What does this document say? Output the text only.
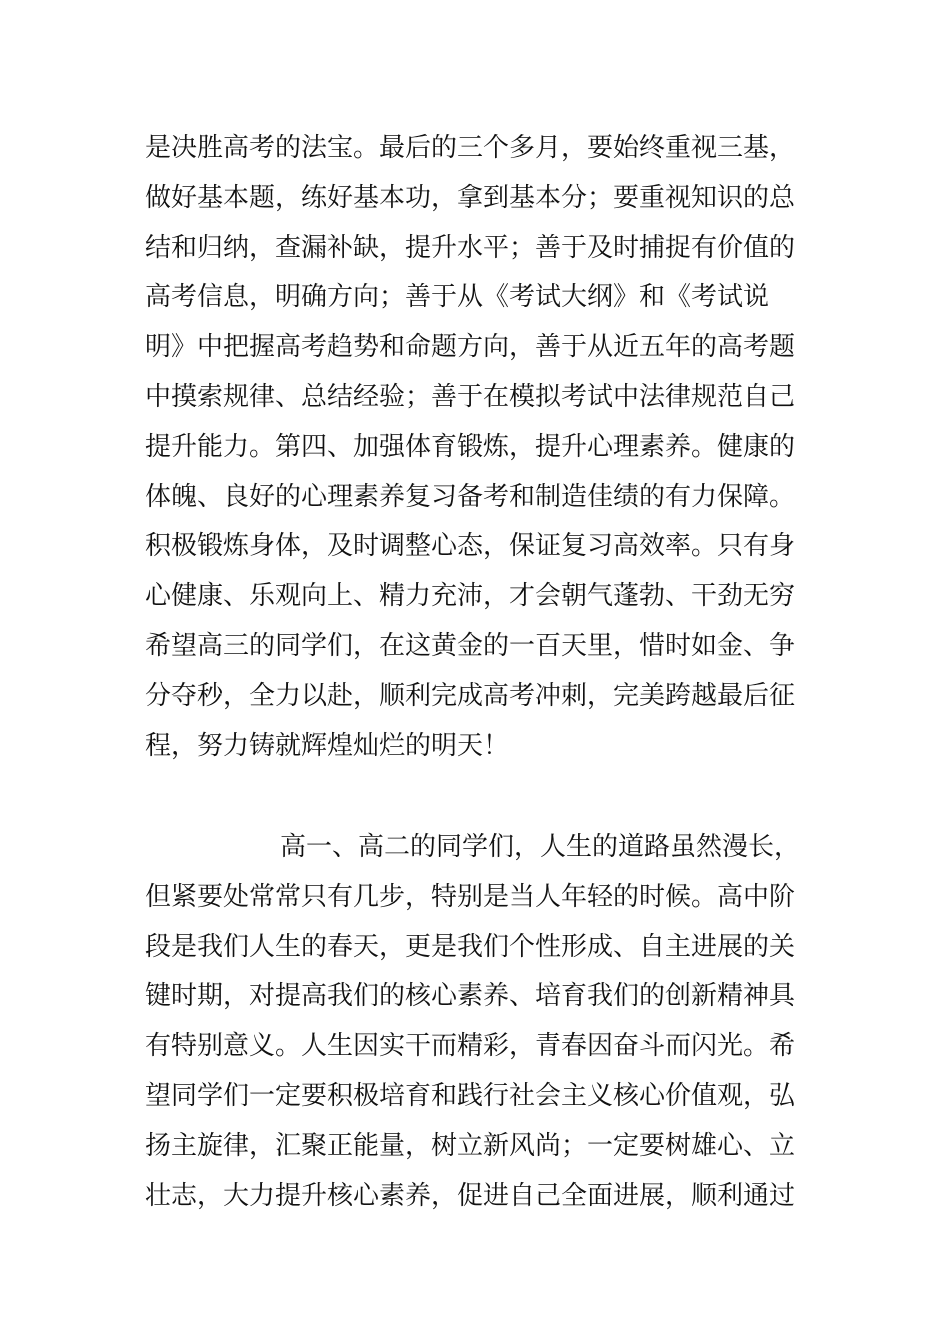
是决胜高考的法宝。最后的三个多月，要始终重视三基，
做好基本题，练好基本功，拿到基本分；要重视知识的总
结和归纳，查漏补缺，提升水平；善于及时捕捉有价值的
高考信息，明确方向；善于从《考试大纲》和《考试说
明》中把握高考趋势和命题方向，善于从近五年的高考题
中摸索规律、总结经验；善于在模拟考试中法律规范自己
提升能力。第四、加强体育锻炼，提升心理素养。健康的
体魄、良好的心理素养复习备考和制造佳绩的有力保障。
积极锻炼身体，及时调整心态，保证复习高效率。只有身
心健康、乐观向上、精力充沛，才会朝气蓬勃、干劲无穷
希望高三的同学们，在这黄金的一百天里，惜时如金、争
分夺秒，全力以赴，顺利完成高考冲刺，完美跨越最后征
程，努力铸就辉煌灿烂的明天！
高一、高二的同学们，人生的道路虽然漫长，
但紧要处常常只有几步，特别是当人年轻的时候。高中阶
段是我们人生的春天，更是我们个性形成、自主进展的关
键时期，对提高我们的核心素养、培育我们的创新精神具
有特别意义。人生因实干而精彩，青春因奋斗而闪光。希
望同学们一定要积极培育和践行社会主义核心价值观，弘
扬主旋律，汇聚正能量，树立新风尚；一定要树雄心、立
壮志，大力提升核心素养，促进自己全面进展，顺利通过
